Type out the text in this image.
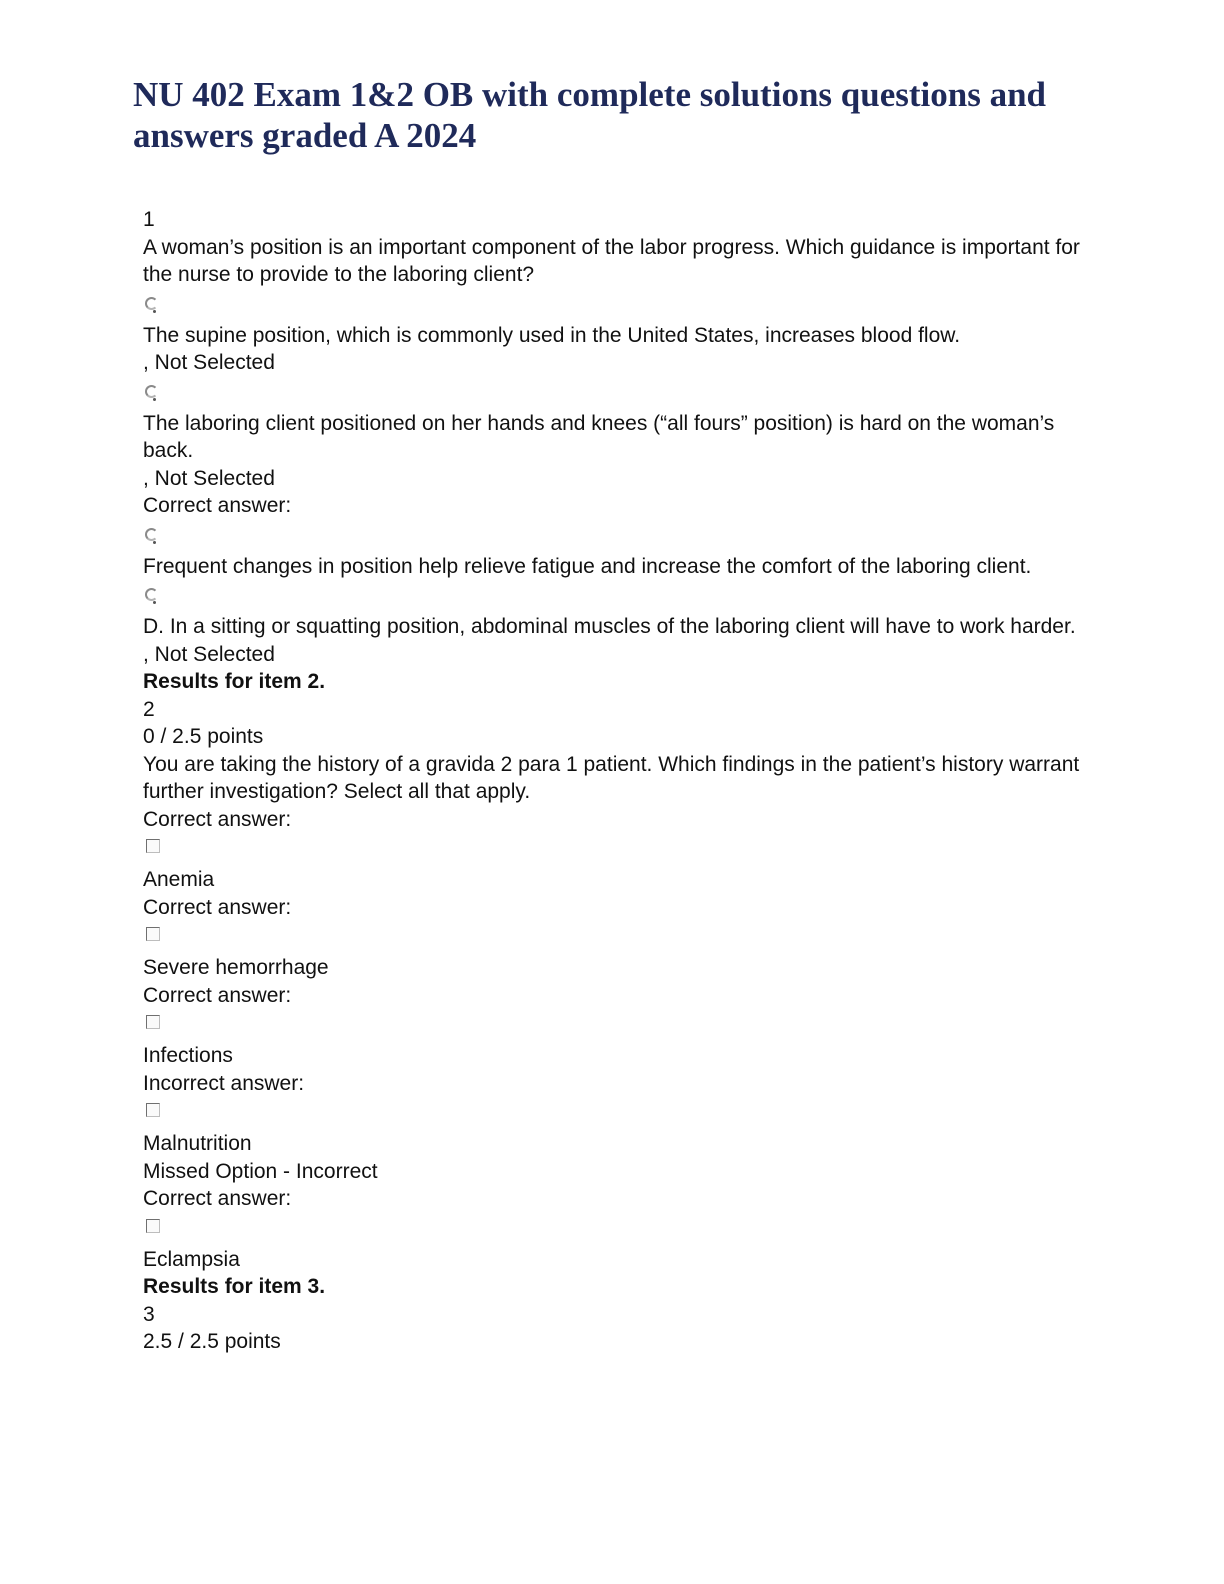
NU 402 Exam 1&2 OB with complete solutions questions and answers graded A 2024
1
A woman’s position is an important component of the labor progress. Which guidance is important for the nurse to provide to the laboring client?
The supine position, which is commonly used in the United States, increases blood flow.
, Not Selected
The laboring client positioned on her hands and knees (“all fours” position) is hard on the woman’s back.
, Not Selected
Correct answer:
Frequent changes in position help relieve fatigue and increase the comfort of the laboring client.
D. In a sitting or squatting position, abdominal muscles of the laboring client will have to work harder.
, Not Selected
Results for item 2.
2
0 / 2.5 points
You are taking the history of a gravida 2 para 1 patient. Which findings in the patient’s history warrant further investigation? Select all that apply.
Correct answer:
Anemia
Correct answer:
Severe hemorrhage
Correct answer:
Infections
Incorrect answer:
Malnutrition
Missed Option - Incorrect
Correct answer:
Eclampsia
Results for item 3.
3
2.5 / 2.5 points
